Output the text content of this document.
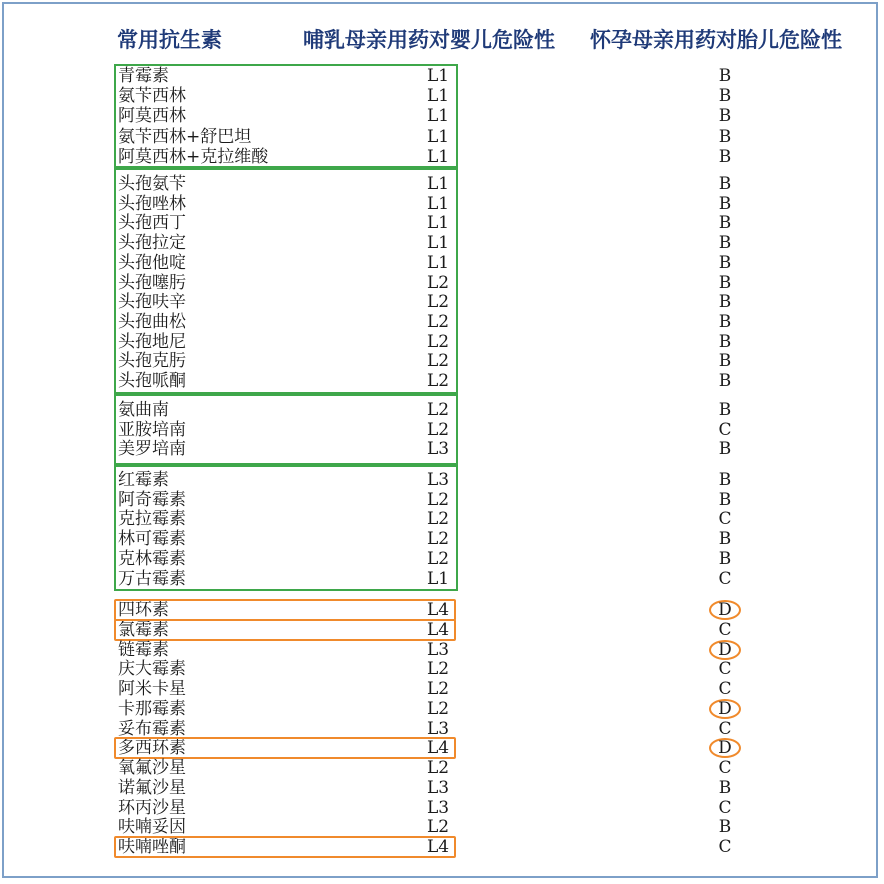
常用抗生素	哺乳母亲用药对婴儿危险性 怀孕母亲用药对胎儿危险性
青霉素	L1	B
氨苄西林	L1	B
阿莫西林	L1	B
氨苄西林+舒巴坦	L1	B
阿莫西林+克拉维酸	L1	B
头孢氨苄	L1	B
头孢唑林	L1	B
头孢西丁	L1	B
头孢拉定	L1	B
头孢他啶	L1	B
头孢噻肟	L2	B
头孢呋辛	L2	B
头孢曲松	L2	B
头孢地尼	L2	B
头孢克肟	L2	B
头孢哌酮	L2	B
氨曲南	L2	B
亚胺培南	L2	C
美罗培南	L3	B
红霉素	L3	B
阿奇霉素	L2	B
克拉霉素	L2	C
林可霉素	L2	B
克林霉素	L2	B
万古霉素	L1	C
四环素	L4	D
氯霉素	L4	C
链霉素	L3	D
庆大霉素	L2	C
阿米卡星	L2	C
卡那霉素	L2	D
妥布霉素	L3	C
多西环素	L4	D
氧氟沙星	L2	C
诺氟沙星	L3	B
环丙沙星	L3	C
呋喃妥因	L2	B
呋喃唑酮	L4	C
